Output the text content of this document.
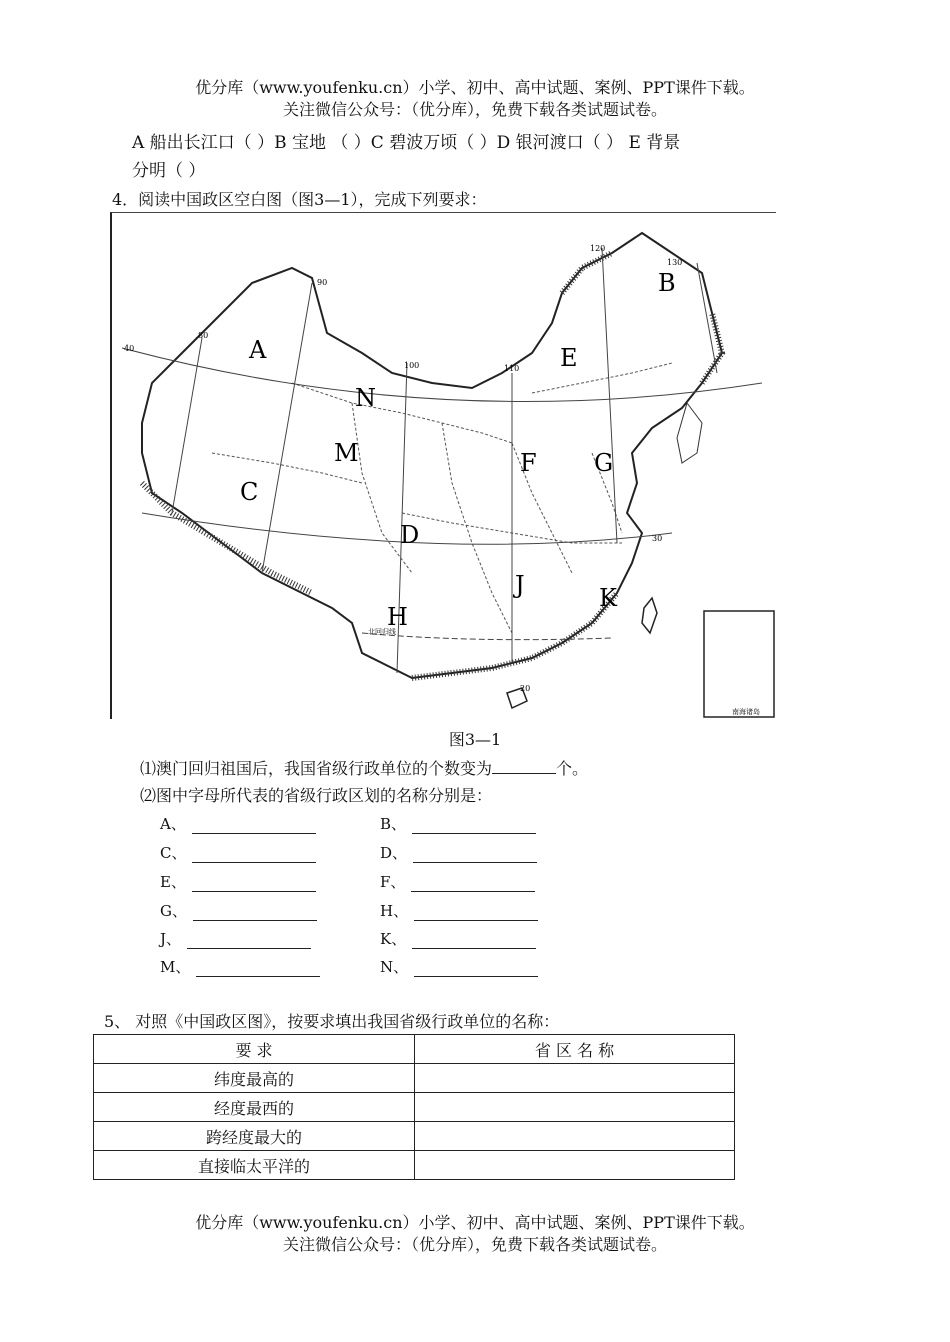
优分库（www.youfenku.cn）小学、初中、高中试题、案例、PPT课件下载。
关注微信公众号：（优分库），免费下载各类试题试卷。
A 船出长江口（ ）B 宝地 （ ）C 碧波万顷（ ）D 银河渡口（ ） E 背景
分明（ ）
4．阅读中国政区空白图（图3—1），完成下列要求：
A
B
C
D
E
F G
H
J	K
M
N
120
130
90
80
40
100	110
30
20
北回归线
南海诸岛
图3—1
⑴澳门回归祖国后，我国省级行政单位的个数变为	个。
⑵图中字母所代表的省级行政区划的名称分别是：
A、	B、
C、	D、
E、	F、
G、	H、
J、	K、
M、	N、
5、 对照《中国政区图》，按要求填出我国省级行政单位的名称：
要 求	省 区 名 称
纬度最高的	
经度最西的	
跨经度最大的	
直接临太平洋的	
优分库（www.youfenku.cn）小学、初中、高中试题、案例、PPT课件下载。
关注微信公众号：（优分库），免费下载各类试题试卷。
